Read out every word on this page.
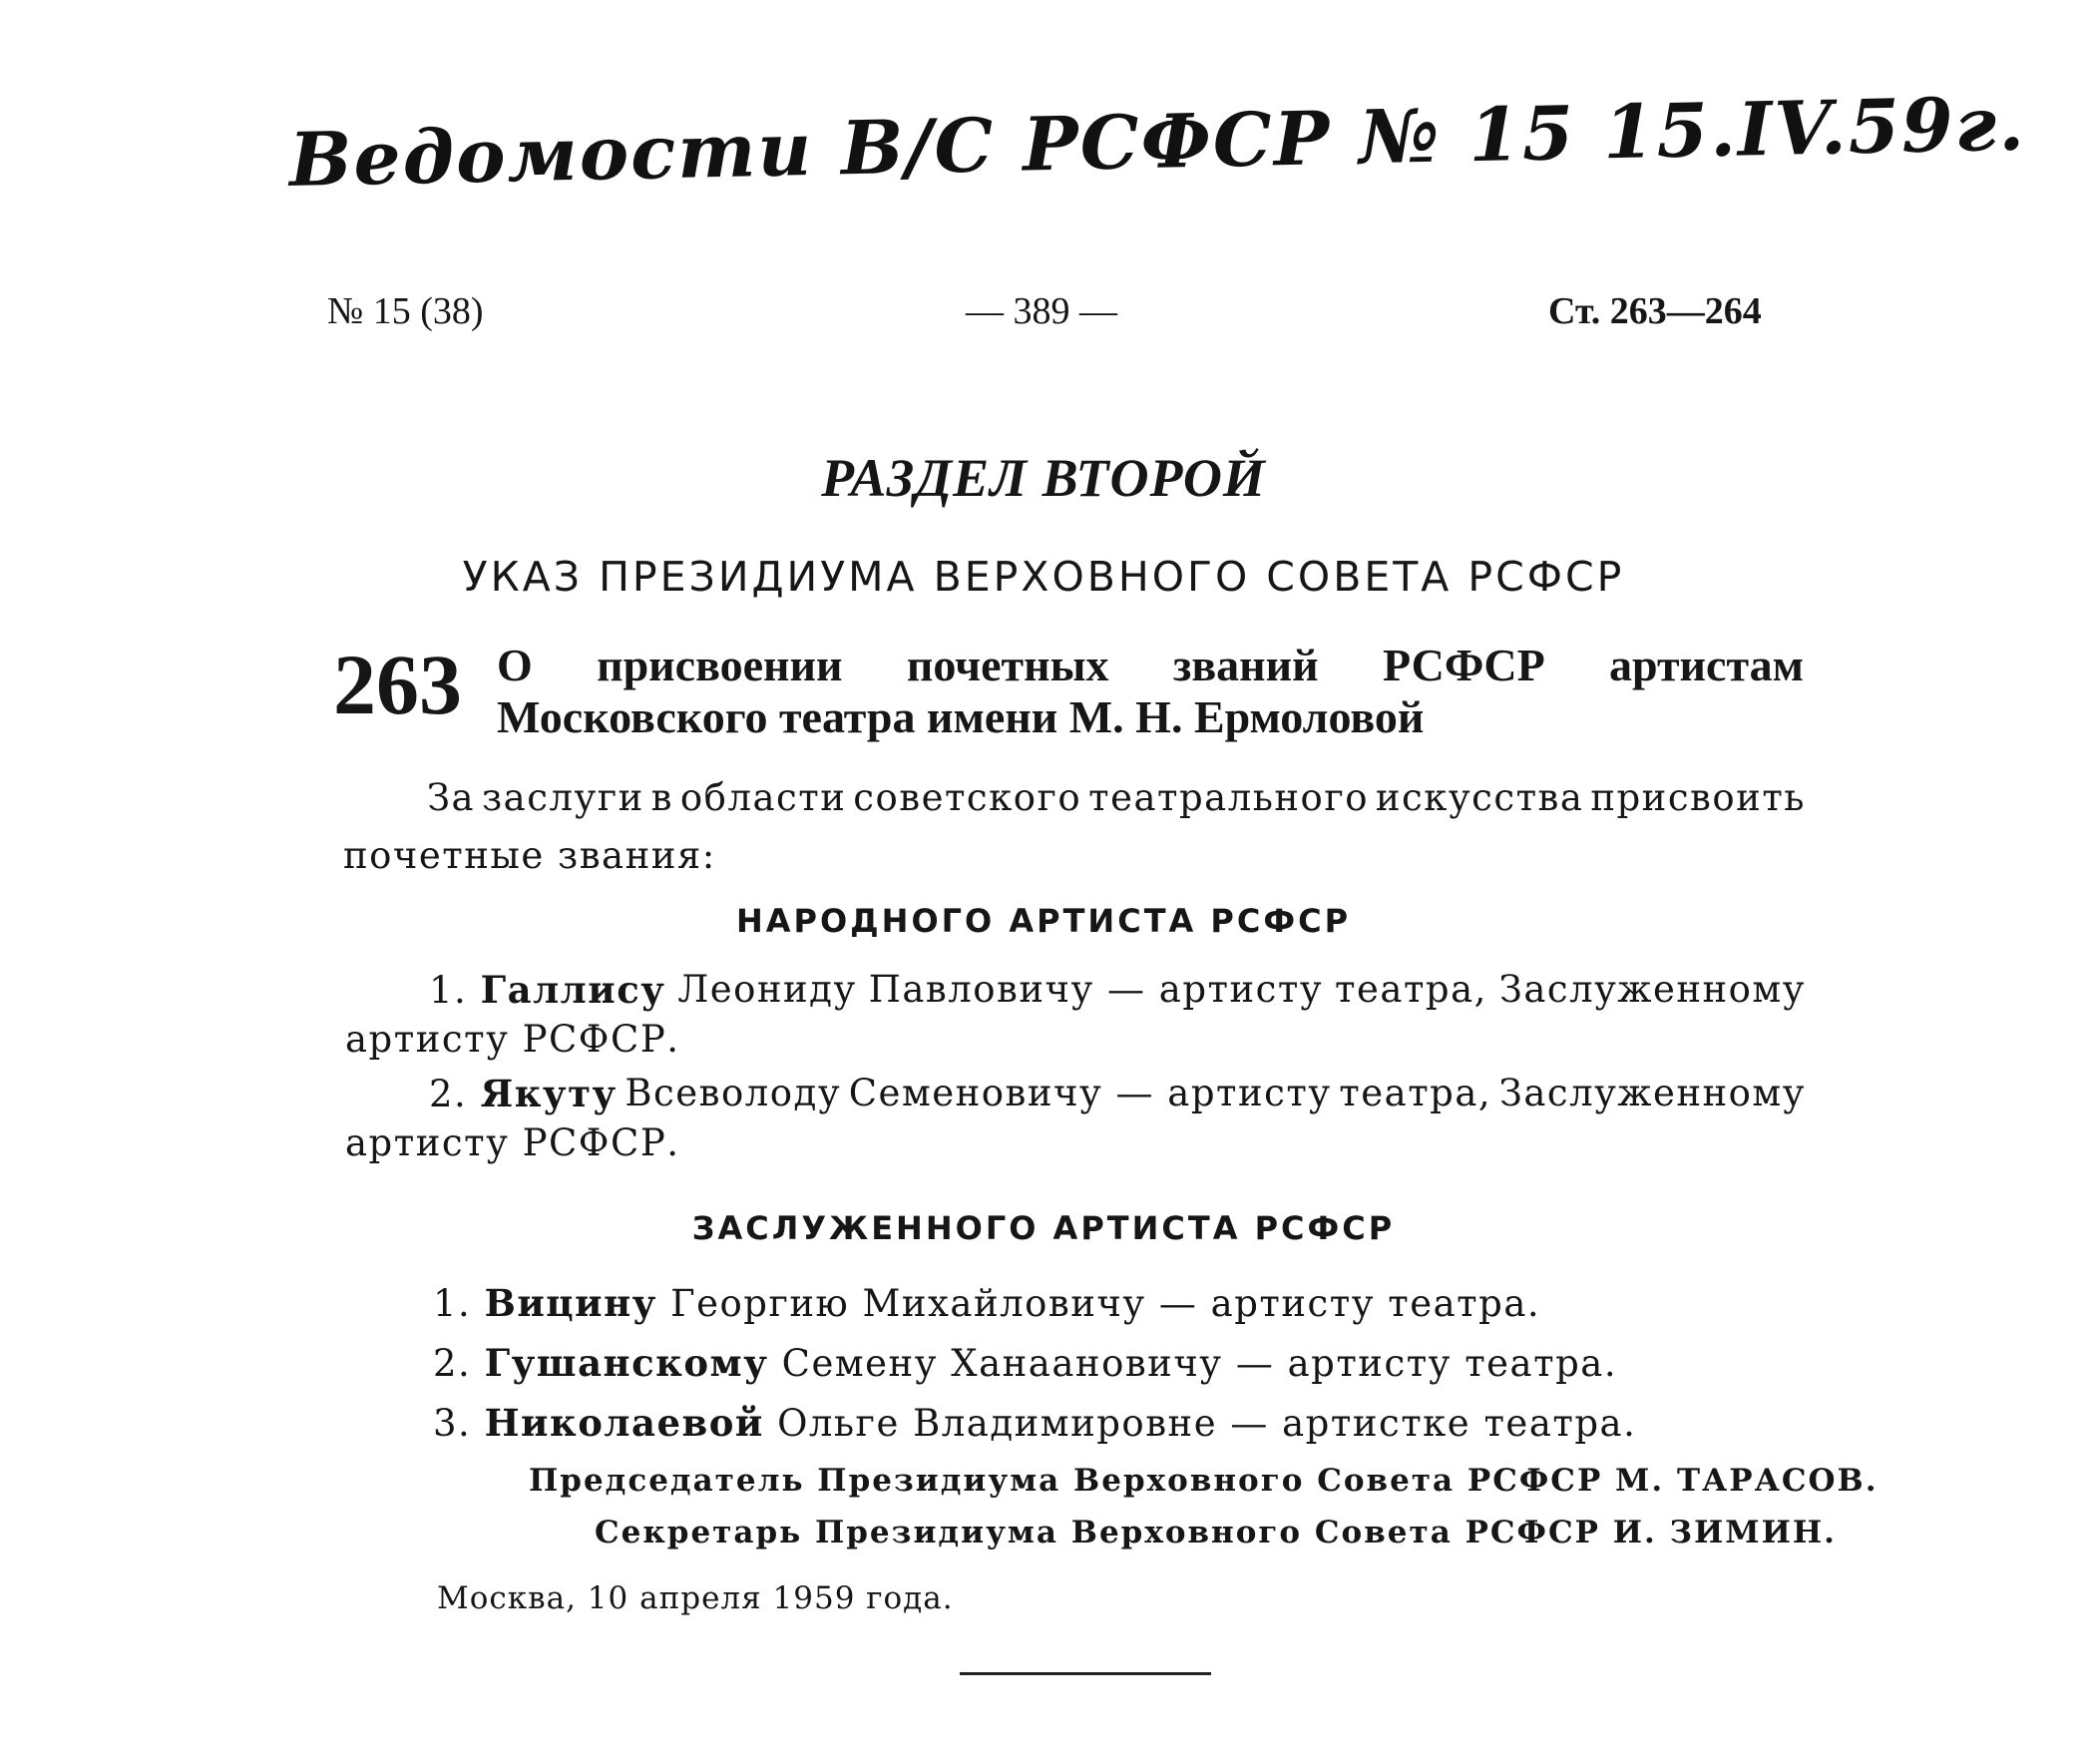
Ведомости В/С РСФСР № 15 15.IV.59г.
№ 15 (38)	— 389 —	Ст. 263—264
РАЗДЕЛ ВТОРОЙ
УКАЗ ПРЕЗИДИУМА ВЕРХОВНОГО СОВЕТА РСФСР
263 О присвоении почетных званий РСФСР артистам
Московского театра имени М. Н. Ермоловой
За заслуги в области советского театрального искусства присвоить
почетные звания:
НАРОДНОГО АРТИСТА РСФСР
1. Галлису Леониду Павловичу — артисту театра, Заслуженному
артисту РСФСР.
2. Якуту Всеволоду Семеновичу — артисту театра, Заслуженному
артисту РСФСР.
ЗАСЛУЖЕННОГО АРТИСТА РСФСР
1. Вицину Георгию Михайловичу — артисту театра.
2. Гушанскому Семену Ханаановичу — артисту театра.
3. Николаевой Ольге Владимировне — артистке театра.
Председатель Президиума Верховного Совета РСФСР М. ТАРАСОВ.
Секретарь Президиума Верховного Совета РСФСР И. ЗИМИН.
Москва, 10 апреля 1959 года.
